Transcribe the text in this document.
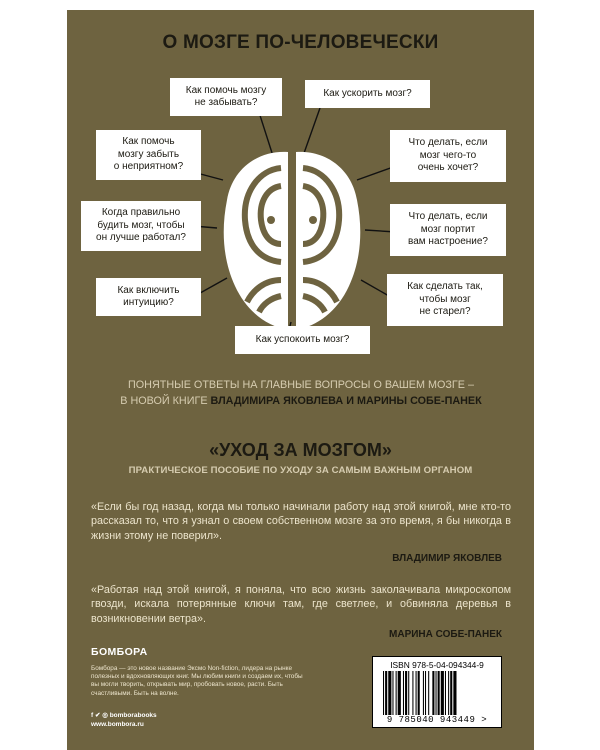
О МОЗГЕ ПО-ЧЕЛОВЕЧЕСКИ
Как помочь мозгу
не забывать?
Как ускорить мозг?
Как помочь
мозгу забыть
о неприятном?
Что делать, если
мозг чего-то
очень хочет?
Когда правильно
будить мозг, чтобы
он лучше работал?
Что делать, если
мозг портит
вам настроение?
Как включить
интуицию?
Как сделать так,
чтобы мозг
не старел?
Как успокоить мозг?
ПОНЯТНЫЕ ОТВЕТЫ НА ГЛАВНЫЕ ВОПРОСЫ О ВАШЕМ МОЗГЕ –
В НОВОЙ КНИГЕ ВЛАДИМИРА ЯКОВЛЕВА И МАРИНЫ СОБЕ-ПАНЕК
«УХОД ЗА МОЗГОМ»
ПРАКТИЧЕСКОЕ ПОСОБИЕ ПО УХОДУ ЗА САМЫМ ВАЖНЫМ ОРГАНОМ
«Если бы год назад, когда мы только начинали работу над этой книгой, мне кто-то рассказал то, что я узнал о своем собственном мозге за это время, я бы никогда в жизни этому не поверил».
ВЛАДИМИР ЯКОВЛЕВ
«Работая над этой книгой, я поняла, что всю жизнь заколачивала микроскопом гвозди, искала потерянные ключи там, где светлее, и обвиняла деревья в возникновении ветра».
МАРИНА СОБЕ-ПАНЕК
БОМБОРА
Бомбора — это новое название Эксмо Non-fiction, лидера на рынке полезных и вдохновляющих книг. Мы любим книги и создаем их, чтобы вы могли творить, открывать мир, пробовать новое, расти. Быть счастливыми. Быть на волне.
f ✔ ◎ bomborabooks
www.bombora.ru
ISBN 978-5-04-094344-9
9 785040 943449 >
